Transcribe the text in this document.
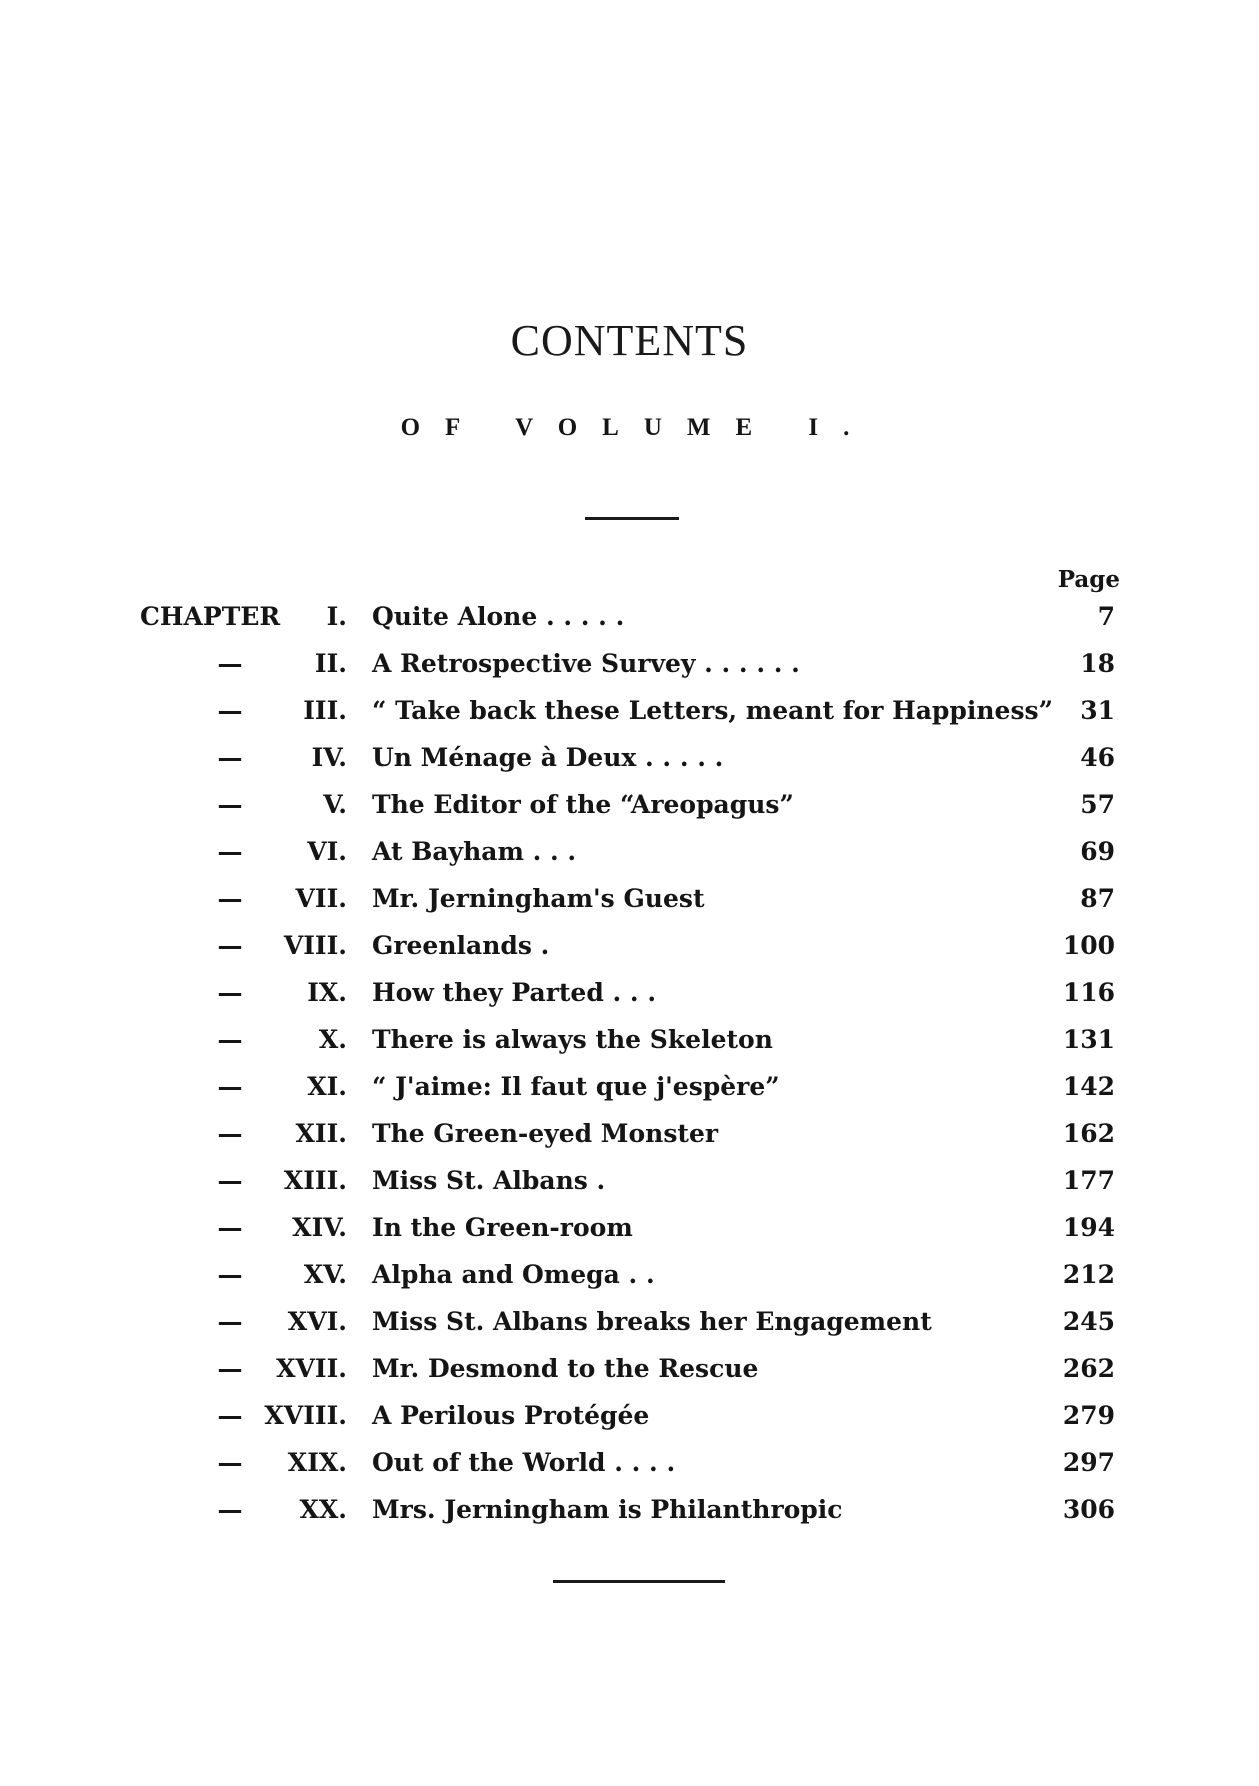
CONTENTS
OF VOLUME I.
Page
CHAPTER	I. Quite Alone . . . . .	7
—	II. A Retrospective Survey . . . . . .	18
—	III. “ Take back these Letters, meant for Happiness”	31
—	IV. Un Ménage à Deux . . . . .	46
—	V. The Editor of the “Areopagus”	57
—	VI. At Bayham . . .	69
—	VII. Mr. Jerningham's Guest	87
—	VIII. Greenlands .	100
—	IX. How they Parted . . .	116
—	X. There is always the Skeleton	131
—	XI. “ J'aime: Il faut que j'espère”	142
—	XII. The Green-eyed Monster	162
—	XIII. Miss St. Albans .	177
—	XIV. In the Green-room	194
—	XV. Alpha and Omega . .	212
—	XVI. Miss St. Albans breaks her Engagement	245
—	XVII. Mr. Desmond to the Rescue	262
— XVIII. A Perilous Protégée	279
—	XIX. Out of the World . . . .	297
—	XX. Mrs. Jerningham is Philanthropic	306
